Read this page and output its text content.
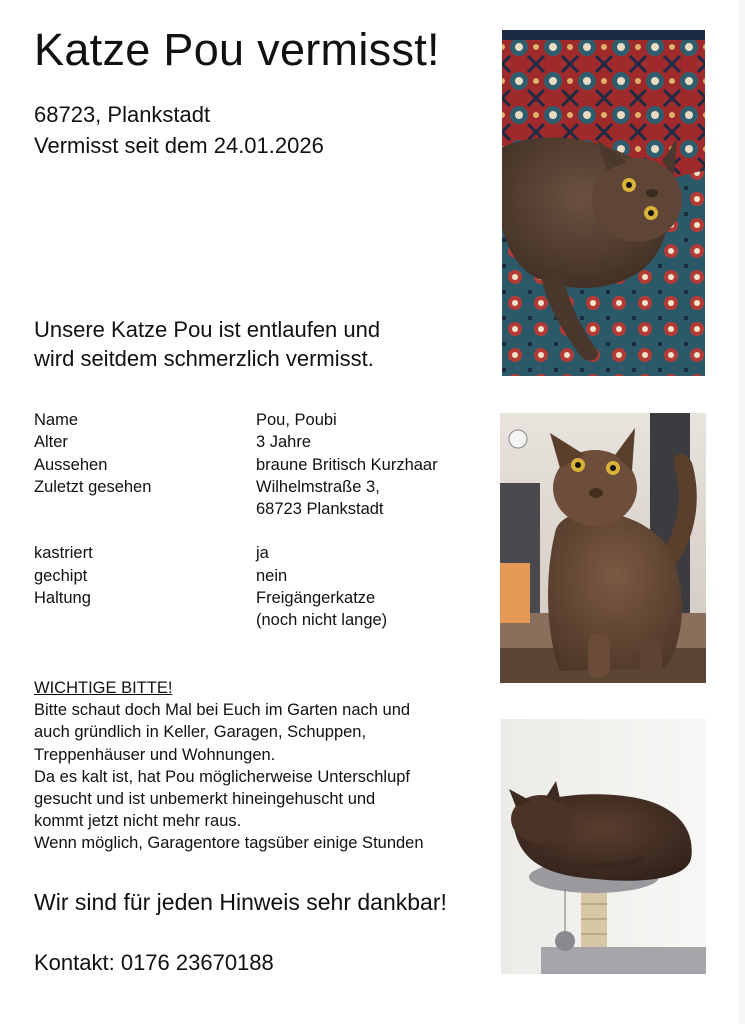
Katze Pou vermisst!
68723, Plankstadt
Vermisst seit dem 24.01.2026
Unsere Katze Pou ist entlaufen und
wird seitdem schmerzlich vermisst.
Name	Pou, Poubi
Alter	3 Jahre
Aussehen	braune Britisch Kurzhaar
Zuletzt gesehen	Wilhelmstraße 3,
68723 Plankstadt
kastriert	ja
gechipt	nein
Haltung	Freigängerkatze
(noch nicht lange)
WICHTIGE BITTE!
Bitte schaut doch Mal bei Euch im Garten nach und
auch gründlich in Keller, Garagen, Schuppen,
Treppenhäuser und Wohnungen.
Da es kalt ist, hat Pou möglicherweise Unterschlupf
gesucht und ist unbemerkt hineingehuscht und
kommt jetzt nicht mehr raus.
Wenn möglich, Garagentore tagsüber einige Stunden
Wir sind für jeden Hinweis sehr dankbar!
Kontakt: 0176 23670188
